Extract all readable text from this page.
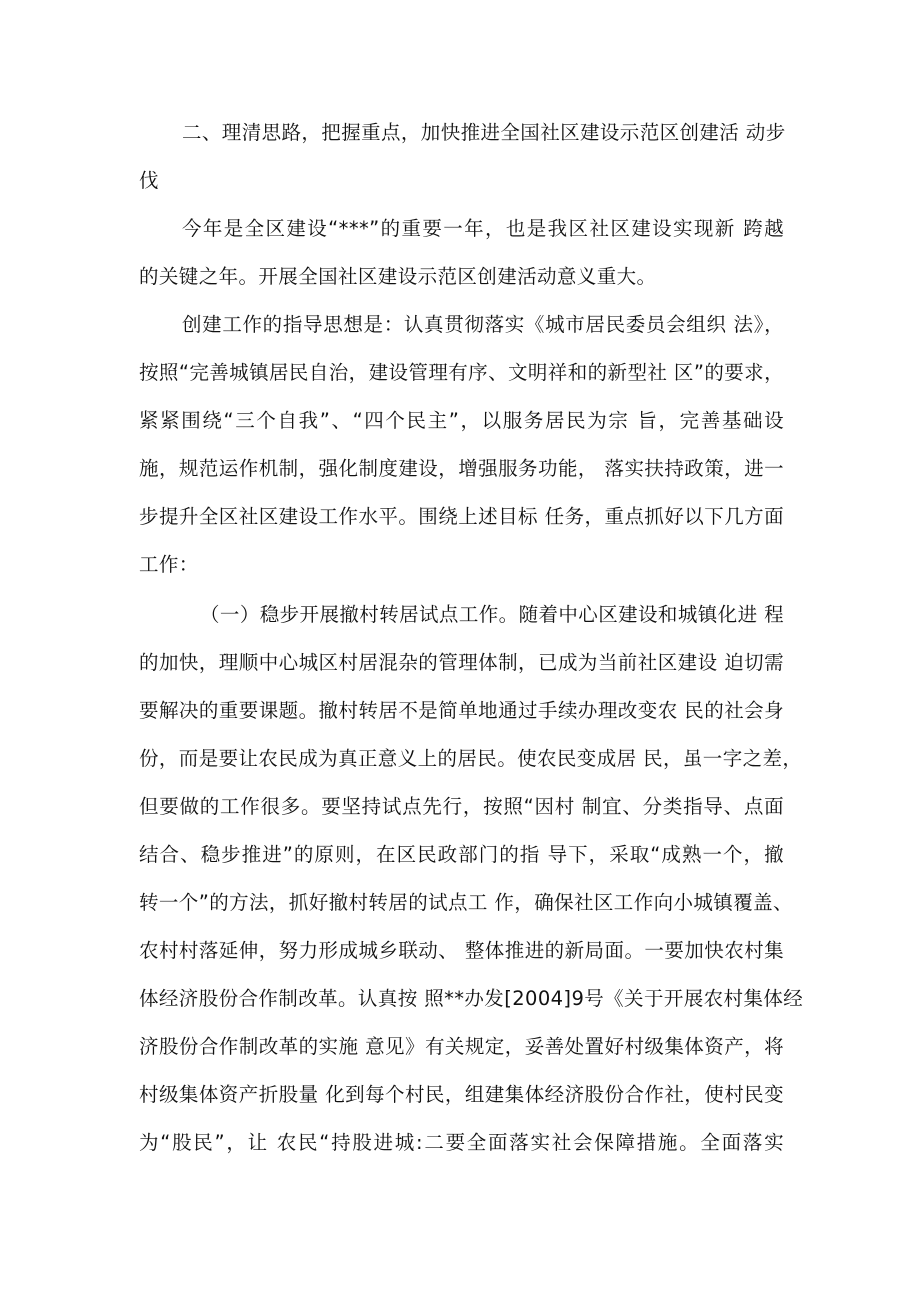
二、理清思路，把握重点，加快推进全国社区建设示范区创建活 动步
伐
今年是全区建设“***”的重要一年，也是我区社区建设实现新 跨越
的关键之年。开展全国社区建设示范区创建活动意义重大。
创建工作的指导思想是：认真贯彻落实《城市居民委员会组织 法》，
按照“完善城镇居民自治，建设管理有序、文明祥和的新型社 区”的要求，
紧紧围绕“三个自我”、“四个民主”，以服务居民为宗 旨，完善基础设
施，规范运作机制，强化制度建设，增强服务功能， 落实扶持政策，进一
步提升全区社区建设工作水平。围绕上述目标 任务，重点抓好以下几方面
工作：
（一）稳步开展撤村转居试点工作。随着中心区建设和城镇化进 程
的加快，理顺中心城区村居混杂的管理体制，已成为当前社区建设 迫切需
要解决的重要课题。撤村转居不是简单地通过手续办理改变农 民的社会身
份，而是要让农民成为真正意义上的居民。使农民变成居 民，虽一字之差，
但要做的工作很多。要坚持试点先行，按照“因村 制宜、分类指导、点面
结合、稳步推进”的原则，在区民政部门的指 导下，采取“成熟一个，撤
转一个”的方法，抓好撤村转居的试点工 作，确保社区工作向小城镇覆盖、
农村村落延伸，努力形成城乡联动、 整体推进的新局面。一要加快农村集
体经济股份合作制改革。认真按 照**办发[2004]9号《关于开展农村集体经
济股份合作制改革的实施 意见》有关规定，妥善处置好村级集体资产，将
村级集体资产折股量 化到每个村民，组建集体经济股份合作社，使村民变
为“股民”，让 农民“持股进城:二要全面落实社会保障措施。全面落实
